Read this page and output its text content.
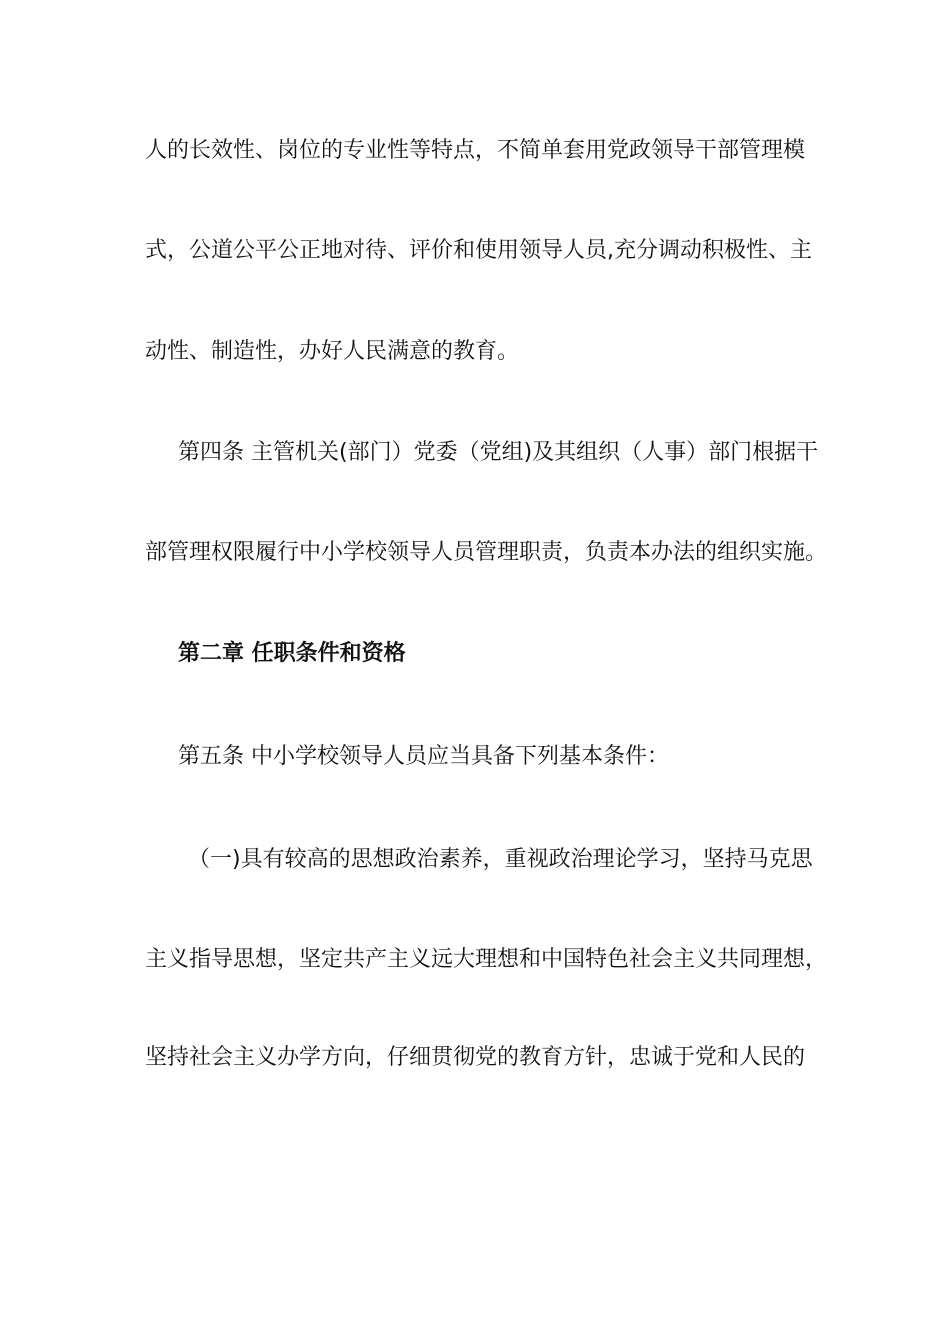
人的长效性、岗位的专业性等特点，不简单套用党政领导干部管理模
式，公道公平公正地对待、评价和使用领导人员,充分调动积极性、主
动性、制造性，办好人民满意的教育。
第四条 主管机关(部门）党委（党组)及其组织（人事）部门根据干
部管理权限履行中小学校领导人员管理职责，负责本办法的组织实施。
第二章 任职条件和资格
第五条 中小学校领导人员应当具备下列基本条件：
（一)具有较高的思想政治素养，重视政治理论学习，坚持马克思
主义指导思想，坚定共产主义远大理想和中国特色社会主义共同理想，
坚持社会主义办学方向，仔细贯彻党的教育方针，忠诚于党和人民的
